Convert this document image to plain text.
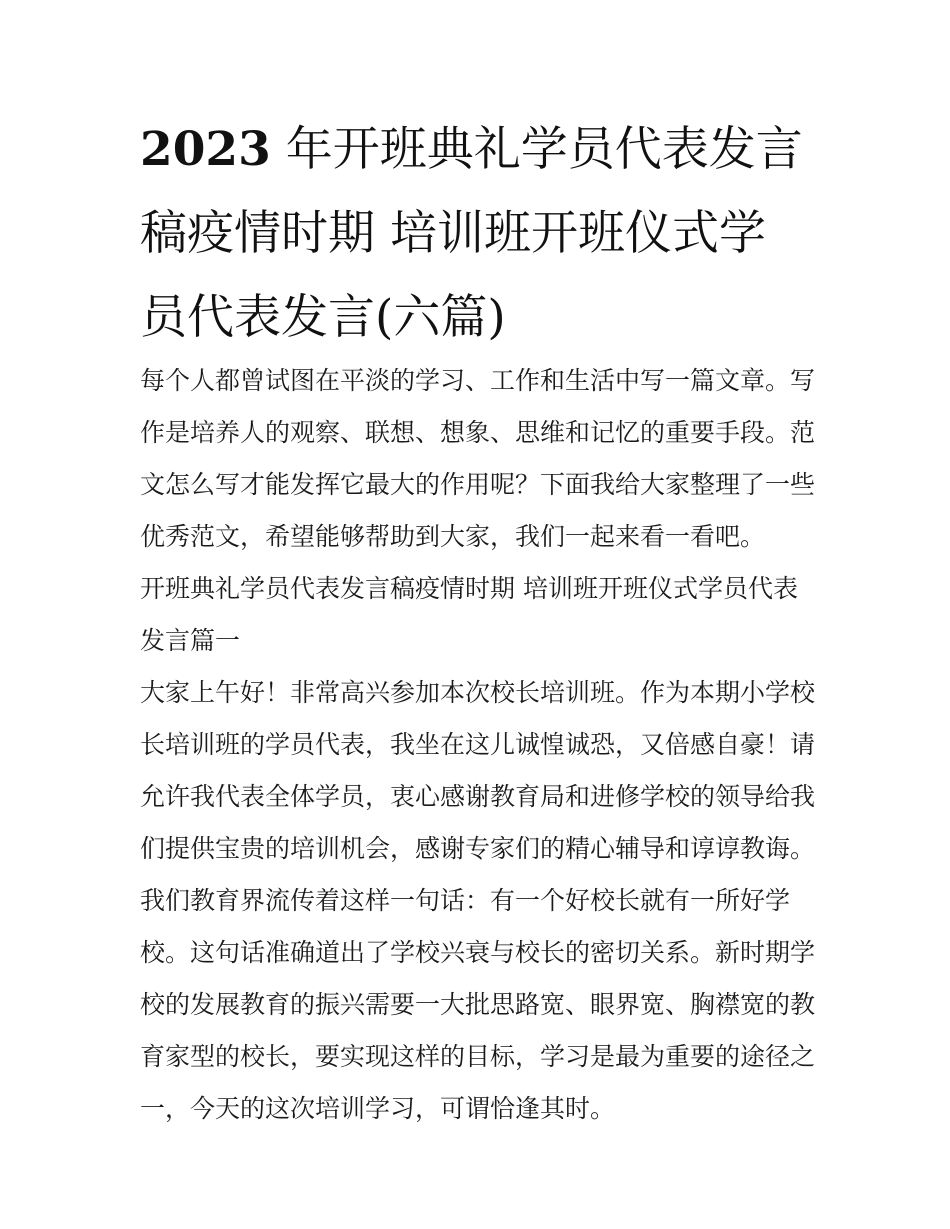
2023 年开班典礼学员代表发言
稿疫情时期 培训班开班仪式学
员代表发言(六篇)

每个人都曾试图在平淡的学习、工作和生活中写一篇文章。写作是培养人的观察、联想、想象、思维和记忆的重要手段。范文怎么写才能发挥它最大的作用呢？下面我给大家整理了一些优秀范文，希望能够帮助到大家，我们一起来看一看吧。

开班典礼学员代表发言稿疫情时期 培训班开班仪式学员代表发言篇一

大家上午好！非常高兴参加本次校长培训班。作为本期小学校长培训班的学员代表，我坐在这儿诚惶诚恐，又倍感自豪！请允许我代表全体学员，衷心感谢教育局和进修学校的领导给我们提供宝贵的培训机会，感谢专家们的精心辅导和谆谆教诲。

我们教育界流传着这样一句话：有一个好校长就有一所好学校。这句话准确道出了学校兴衰与校长的密切关系。新时期学校的发展教育的振兴需要一大批思路宽、眼界宽、胸襟宽的教育家型的校长，要实现这样的目标，学习是最为重要的途径之一，今天的这次培训学习，可谓恰逢其时。
